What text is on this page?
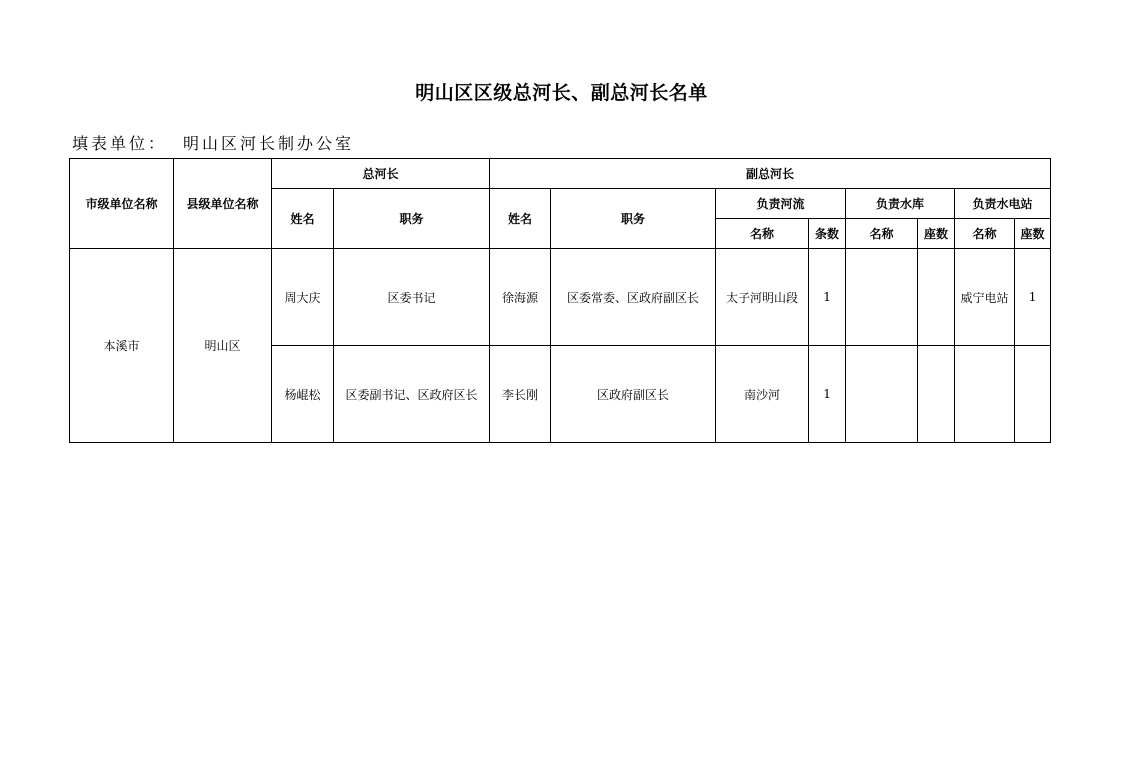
明山区区级总河长、副总河长名单
填表单位： 明山区河长制办公室
市级单位名称	县级单位名称	总河长		副总河长							
		姓名	职务	姓名	职务	负责河流		负责水库		负责水电站	
						名称	条数	名称	座数	名称	座数
本溪市	明山区	周大庆	区委书记	徐海源	区委常委、区政府副区长	太子河明山段	1			威宁电站	1
		杨崐松	区委副书记、区政府区长	李长刚	区政府副区长	南沙河	1				
